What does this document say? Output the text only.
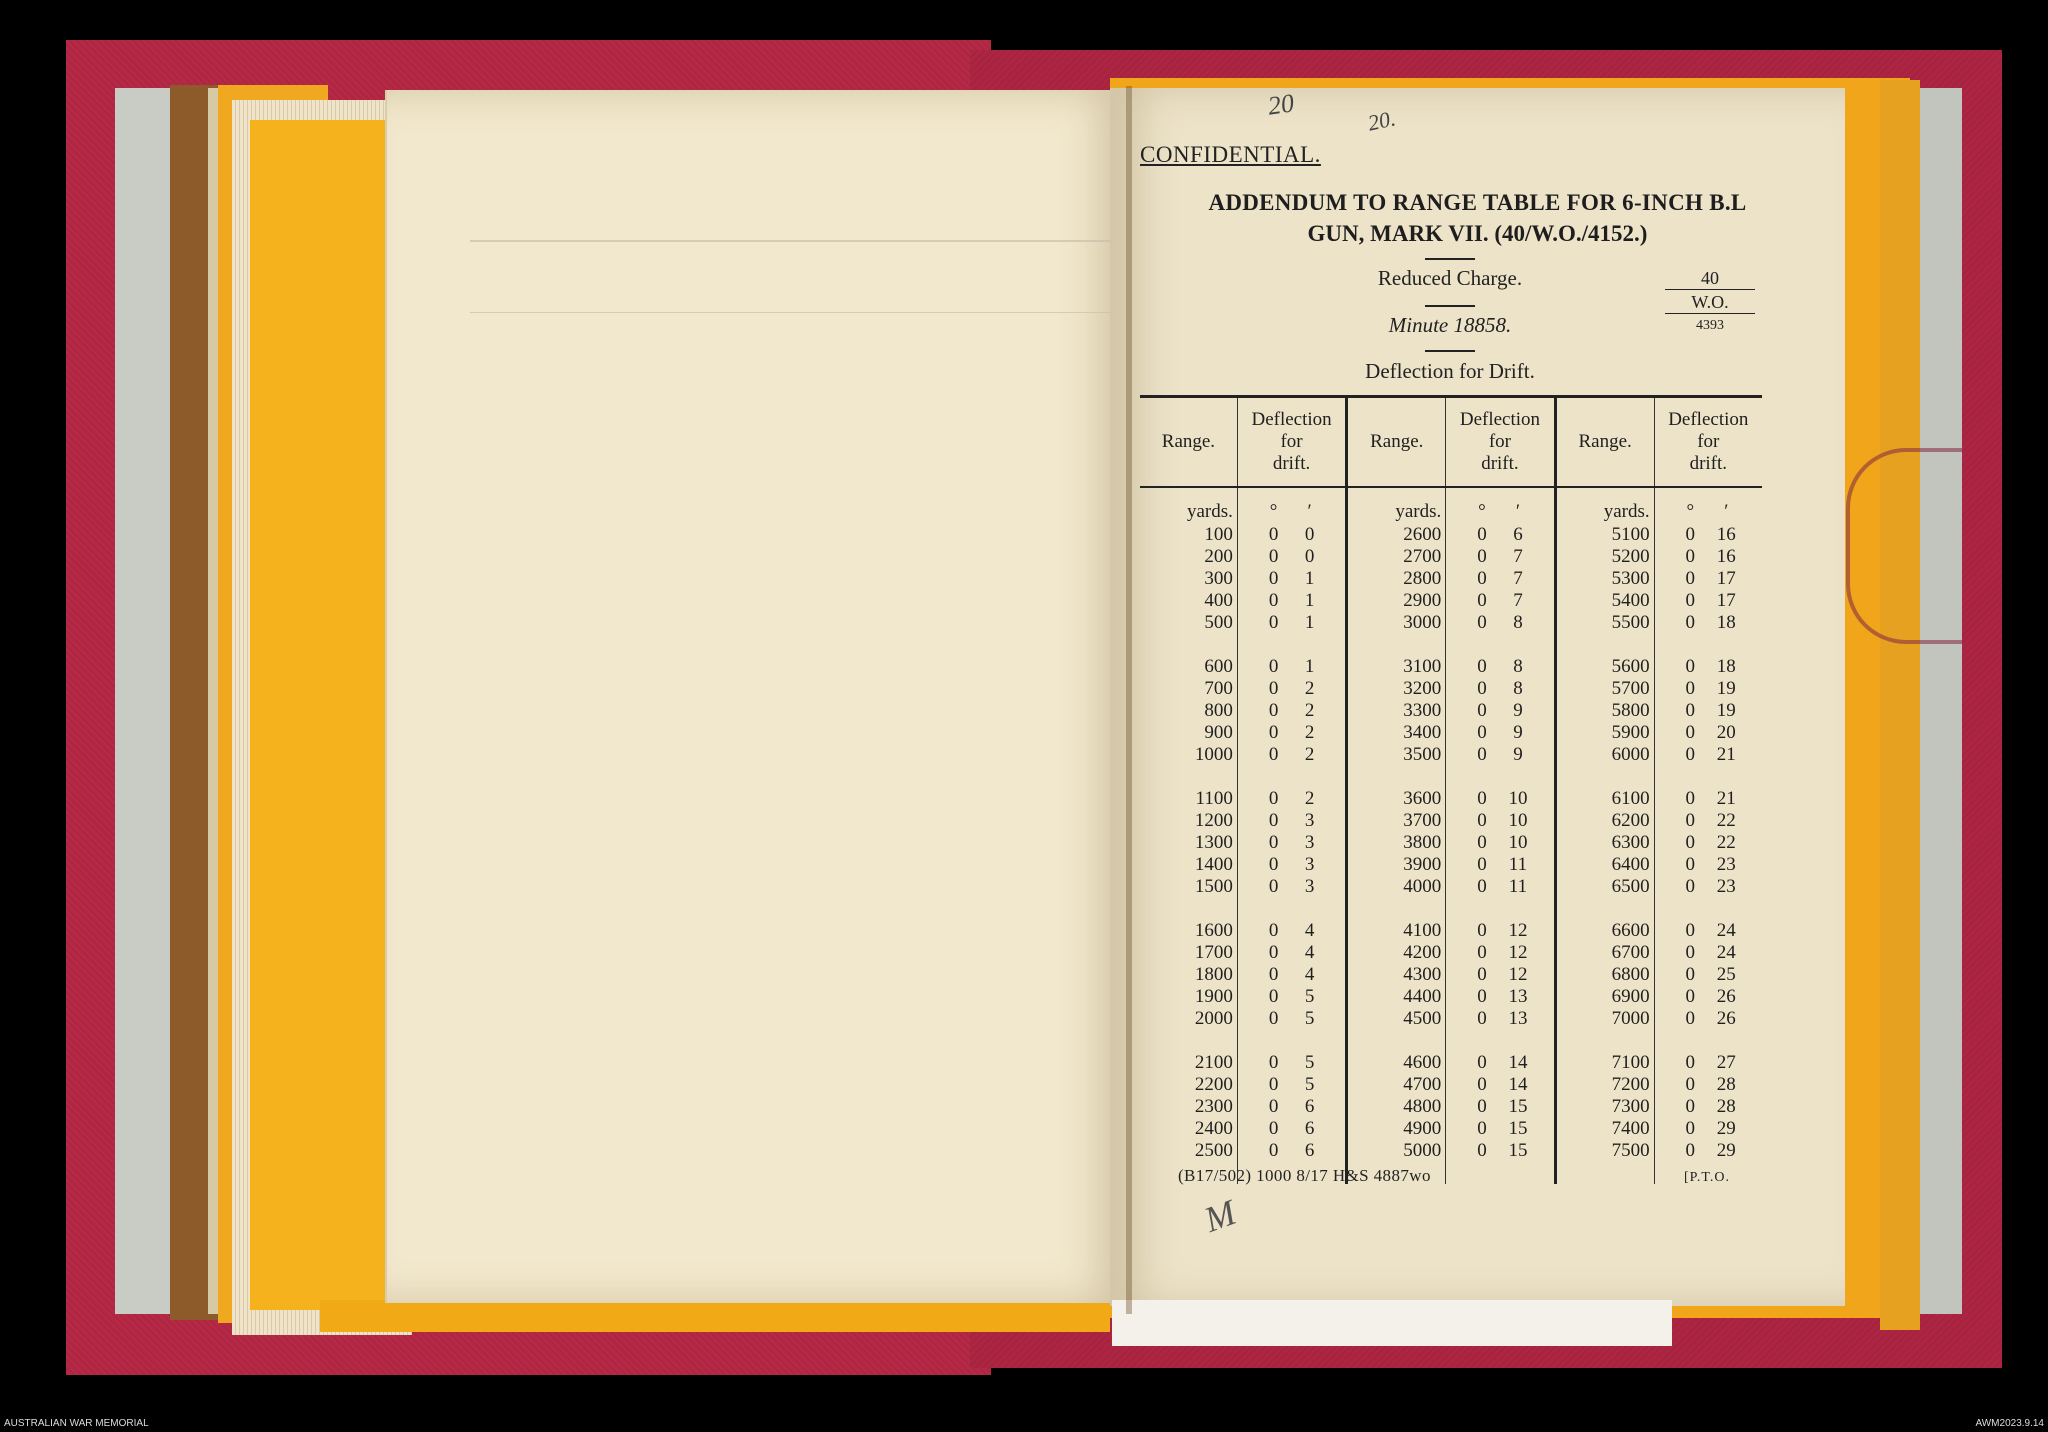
20	20.
CONFIDENTIAL.
ADDENDUM TO RANGE TABLE FOR 6-INCH B.L
GUN, MARK VII. (40/W.O./4152.)
Reduced Charge.
Minute 18858.
Deflection for Drift.
40
W.O.
4393
Range.	Deflection
for
drift.	Range.	Deflection
for
drift.	Range.	Deflection
for
drift.
yards.	° ′	yards.	° ′	yards.	° ′
100	0 0	2600	0 6	5100	0 16
200	0 0	2700	0 7	5200	0 16
300	0 1	2800	0 7	5300	0 17
400	0 1	2900	0 7	5400	0 17
500	0 1	3000	0 8	5500	0 18

600	0 1	3100	0 8	5600	0 18
700	0 2	3200	0 8	5700	0 19
800	0 2	3300	0 9	5800	0 19
900	0 2	3400	0 9	5900	0 20
1000	0 2	3500	0 9	6000	0 21

1100	0 2	3600	0 10	6100	0 21
1200	0 3	3700	0 10	6200	0 22
1300	0 3	3800	0 10	6300	0 22
1400	0 3	3900	0 11	6400	0 23
1500	0 3	4000	0 11	6500	0 23

1600	0 4	4100	0 12	6600	0 24
1700	0 4	4200	0 12	6700	0 24
1800	0 4	4300	0 12	6800	0 25
1900	0 5	4400	0 13	6900	0 26
2000	0 5	4500	0 13	7000	0 26

2100	0 5	4600	0 14	7100	0 27
2200	0 5	4700	0 14	7200	0 28
2300	0 6	4800	0 15	7300	0 28
2400	0 6	4900	0 15	7400	0 29
2500	0 6	5000	0 15	7500	0 29

(B17/502) 1000 8/17 H&S 4887wo	[P.T.O.
M
AUSTRALIAN WAR MEMORIAL	AWM2023.9.14
